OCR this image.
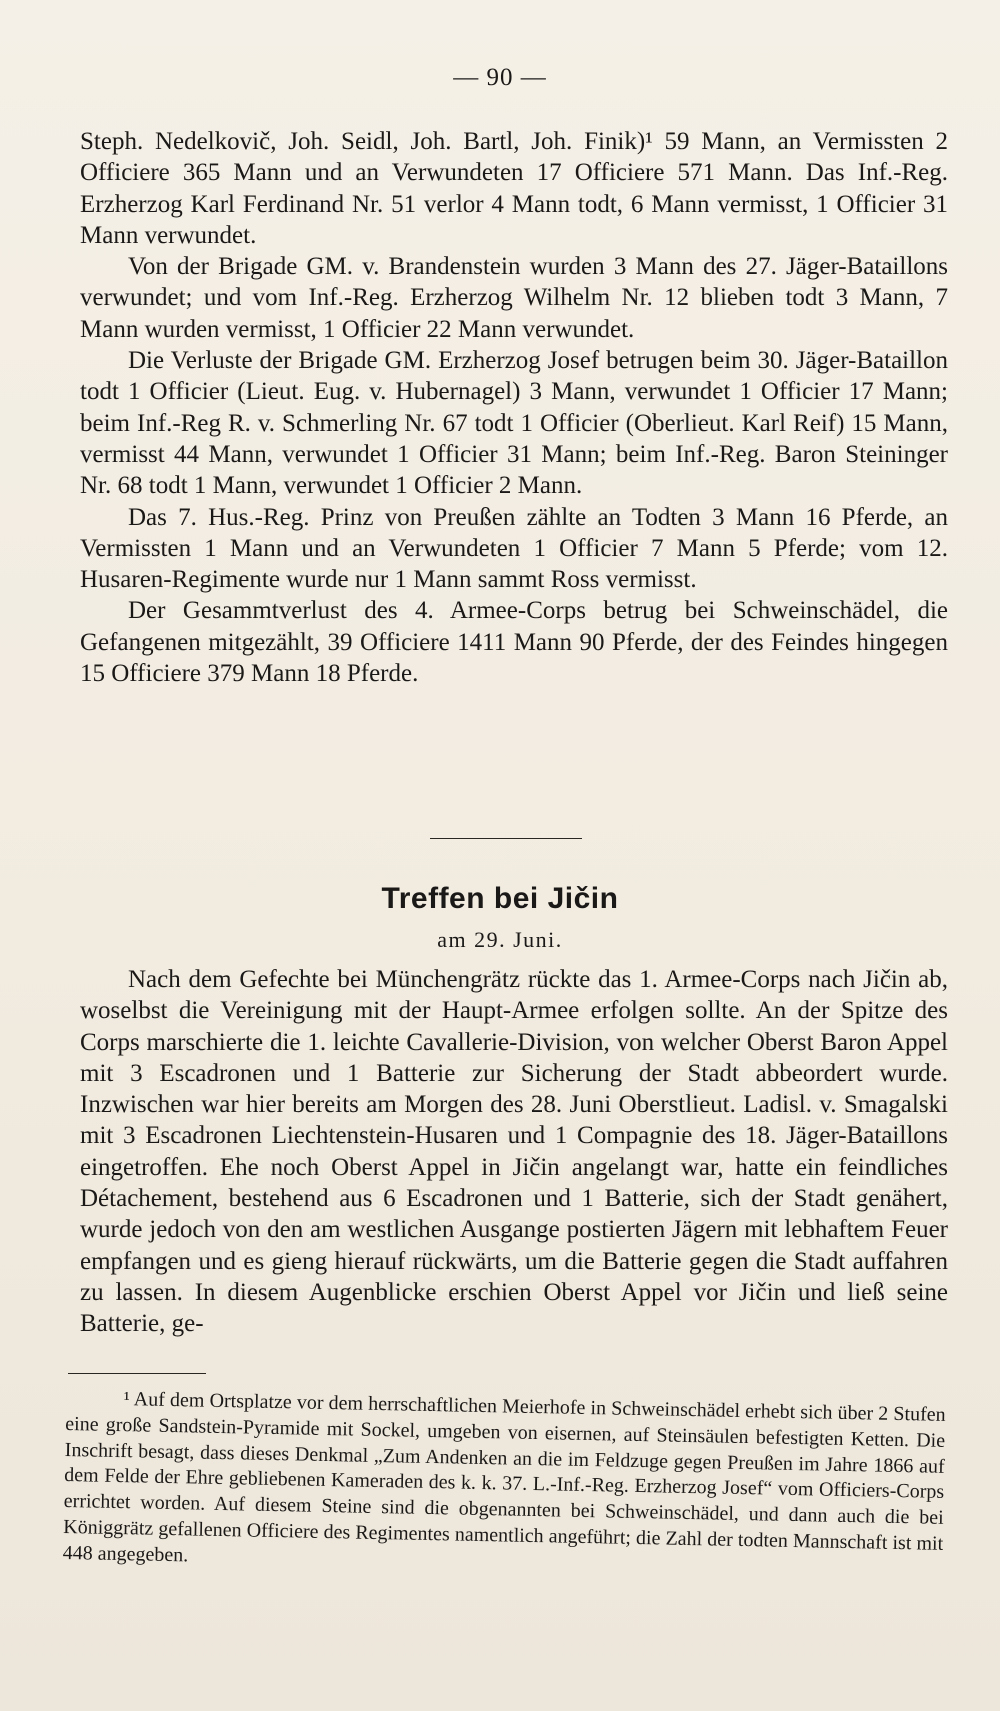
— 90 —

Steph. Nedelkovič, Joh. Seidl, Joh. Bartl, Joh. Finik)¹ 59 Mann, an Vermissten 2 Officiere 365 Mann und an Verwundeten 17 Officiere 571 Mann. Das Inf.-Reg. Erzherzog Karl Ferdinand Nr. 51 verlor 4 Mann todt, 6 Mann vermisst, 1 Officier 31 Mann verwundet.

Von der Brigade GM. v. Brandenstein wurden 3 Mann des 27. Jäger-Bataillons verwundet; und vom Inf.-Reg. Erzherzog Wilhelm Nr. 12 blieben todt 3 Mann, 7 Mann wurden vermisst, 1 Officier 22 Mann verwundet.

Die Verluste der Brigade GM. Erzherzog Josef betrugen beim 30. Jäger-Bataillon todt 1 Officier (Lieut. Eug. v. Hubernagel) 3 Mann, verwundet 1 Officier 17 Mann; beim Inf.-Reg R. v. Schmerling Nr. 67 todt 1 Officier (Oberlieut. Karl Reif) 15 Mann, vermisst 44 Mann, verwundet 1 Officier 31 Mann; beim Inf.-Reg. Baron Steininger Nr. 68 todt 1 Mann, verwundet 1 Officier 2 Mann.

Das 7. Hus.-Reg. Prinz von Preußen zählte an Todten 3 Mann 16 Pferde, an Vermissten 1 Mann und an Verwundeten 1 Officier 7 Mann 5 Pferde; vom 12. Husaren-Regimente wurde nur 1 Mann sammt Ross vermisst.

Der Gesammtverlust des 4. Armee-Corps betrug bei Schweinschädel, die Gefangenen mitgezählt, 39 Officiere 1411 Mann 90 Pferde, der des Feindes hingegen 15 Officiere 379 Mann 18 Pferde.

Treffen bei Jičin
am 29. Juni.

Nach dem Gefechte bei Münchengrätz rückte das 1. Armee-Corps nach Jičin ab, woselbst die Vereinigung mit der Haupt-Armee erfolgen sollte. An der Spitze des Corps marschierte die 1. leichte Cavallerie-Division, von welcher Oberst Baron Appel mit 3 Escadronen und 1 Batterie zur Sicherung der Stadt abbeordert wurde. Inzwischen war hier bereits am Morgen des 28. Juni Oberstlieut. Ladisl. v. Smagalski mit 3 Escadronen Liechtenstein-Husaren und 1 Compagnie des 18. Jäger-Bataillons eingetroffen. Ehe noch Oberst Appel in Jičin angelangt war, hatte ein feindliches Détachement, bestehend aus 6 Escadronen und 1 Batterie, sich der Stadt genähert, wurde jedoch von den am westlichen Ausgange postierten Jägern mit lebhaftem Feuer empfangen und es gieng hierauf rückwärts, um die Batterie gegen die Stadt auffahren zu lassen. In diesem Augenblicke erschien Oberst Appel vor Jičin und ließ seine Batterie, ge-

¹ Auf dem Ortsplatze vor dem herrschaftlichen Meierhofe in Schweinschädel erhebt sich über 2 Stufen eine große Sandstein-Pyramide mit Sockel, umgeben von eisernen, auf Steinsäulen befestigten Ketten. Die Inschrift besagt, dass dieses Denkmal „Zum Andenken an die im Feldzuge gegen Preußen im Jahre 1866 auf dem Felde der Ehre gebliebenen Kameraden des k. k. 37. L.-Inf.-Reg. Erzherzog Josef“ vom Officiers-Corps errichtet worden. Auf diesem Steine sind die obgenannten bei Schweinschädel, und dann auch die bei Königgrätz gefallenen Officiere des Regimentes namentlich angeführt; die Zahl der todten Mannschaft ist mit 448 angegeben.
